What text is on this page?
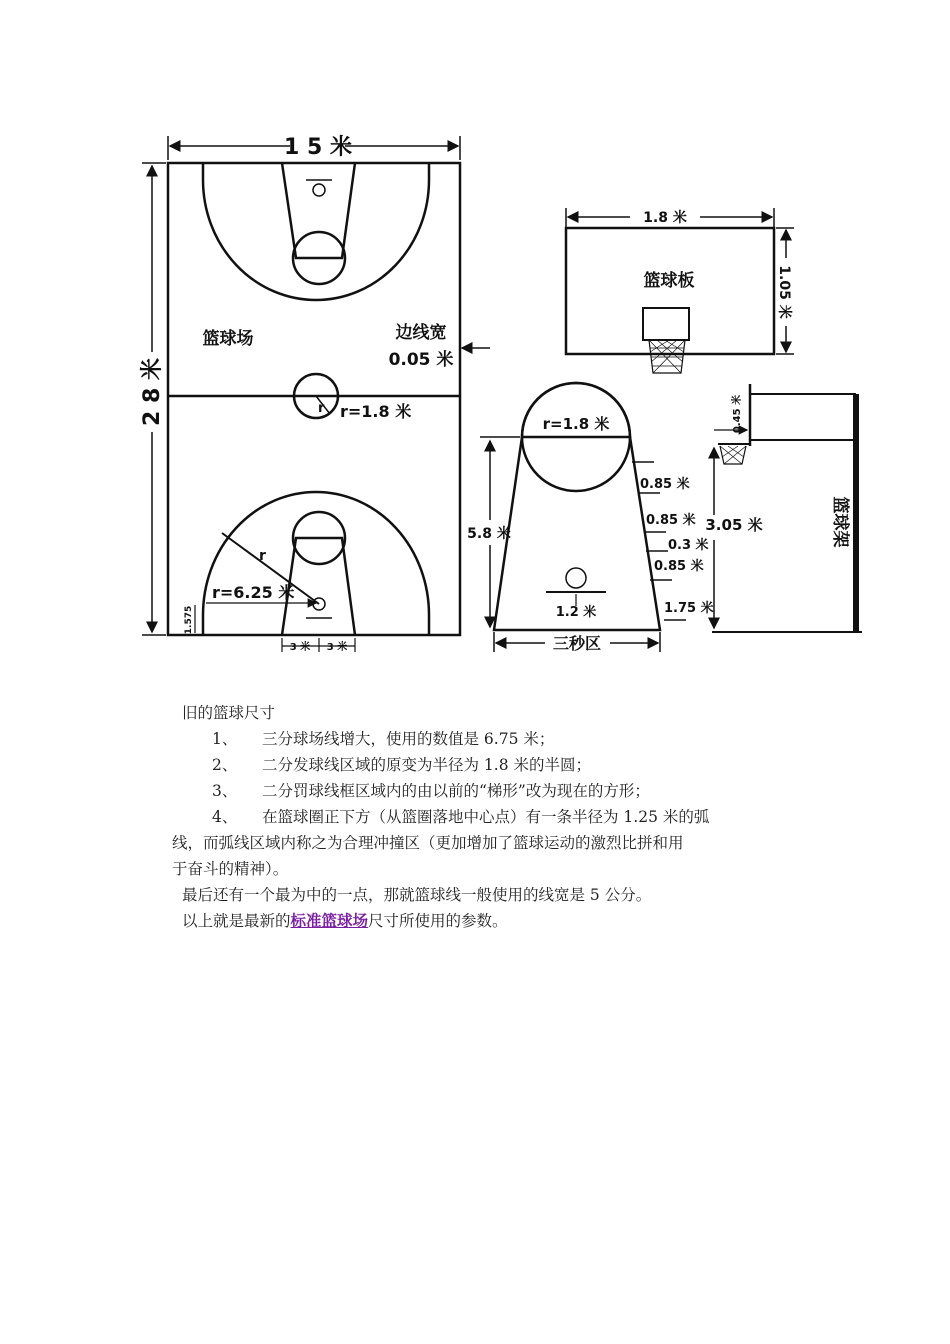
1 5 米
2 8 米
篮球场	边线宽
0.05 米
r r=1.8 米
r
r=6.25 米
1.575
3 米 3 米
1.8 米
1.05 米
篮球板
r=1.8 米
5.8 米
0.85 米
0.85 米
0.3 米
0.85 米
1.75 米
1.2 米
三秒区
0.45 米
3.05 米	篮球架
旧的篮球尺寸
1、 三分球场线增大，使用的数值是 6.75 米；
2、 二分发球线区域的原变为半径为 1.8 米的半圆；
3、 二分罚球线框区域内的由以前的“梯形”改为现在的方形；
4、 在篮球圈正下方（从篮圈落地中心点）有一条半径为 1.25 米的弧
线，而弧线区域内称之为合理冲撞区（更加增加了篮球运动的激烈比拼和用
于奋斗的精神）。
最后还有一个最为中的一点，那就篮球线一般使用的线宽是 5 公分。
以上就是最新的标准篮球场尺寸所使用的参数。
